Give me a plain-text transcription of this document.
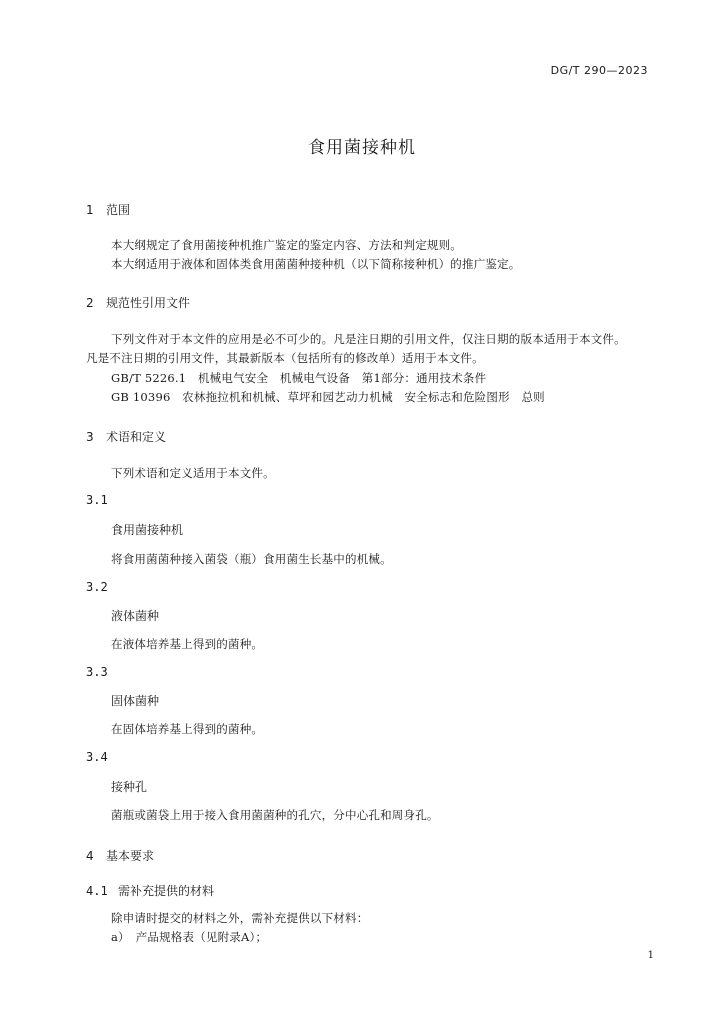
DG/T 290—2023
食用菌接种机
1 范围
本大纲规定了食用菌接种机推广鉴定的鉴定内容、方法和判定规则。
本大纲适用于液体和固体类食用菌菌种接种机（以下简称接种机）的推广鉴定。
2 规范性引用文件
下列文件对于本文件的应用是必不可少的。凡是注日期的引用文件，仅注日期的版本适用于本文件。
凡是不注日期的引用文件，其最新版本（包括所有的修改单）适用于本文件。
GB/T 5226.1　机械电气安全　机械电气设备　第1部分：通用技术条件
GB 10396　农林拖拉机和机械、草坪和园艺动力机械　安全标志和危险图形　总则
3 术语和定义
下列术语和定义适用于本文件。
3.1
食用菌接种机
将食用菌菌种接入菌袋（瓶）食用菌生长基中的机械。
3.2
液体菌种
在液体培养基上得到的菌种。
3.3
固体菌种
在固体培养基上得到的菌种。
3.4
接种孔
菌瓶或菌袋上用于接入食用菌菌种的孔穴，分中心孔和周身孔。
4 基本要求
4.1 需补充提供的材料
除申请时提交的材料之外，需补充提供以下材料：
a）　产品规格表（见附录A）；
1
